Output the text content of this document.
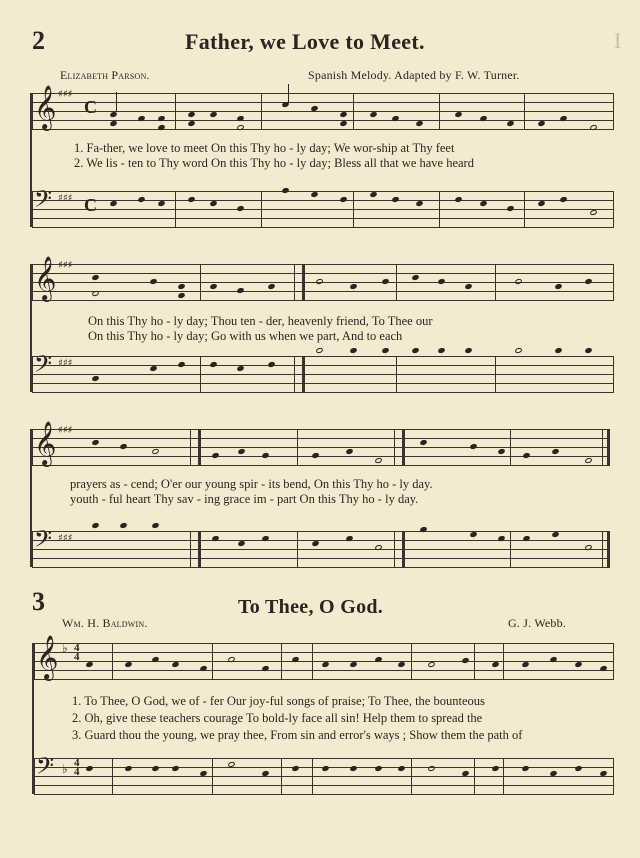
2	Father, we Love to Meet.	I
Elizabeth Parson.	Spanish Melody. Adapted by F. W. Turner.
𝄞 ♯♯♯
C
1. Fa-ther, we love to meet On this Thy ho - ly day; We wor-ship at Thy feet
2. We lis - ten to Thy word On this Thy ho - ly day; Bless all that we have heard
𝄢 ♯♯♯ C
𝄞 ♯♯♯
On this Thy ho - ly day; Thou ten - der, heavenly friend, To Thee our
On this Thy ho - ly day; Go with us when we part, And to each
𝄢 ♯♯♯
𝄞 ♯♯♯
prayers as - cend; O'er our young spir - its bend, On this Thy ho - ly day.
youth - ful heart Thy sav - ing grace im - part On this Thy ho - ly day.
𝄢 ♯♯♯
3	To Thee, O God.
Wm. H. Baldwin.	G. J. Webb.
𝄞 ♭ 4
4
1. To Thee, O God, we of - fer Our joy-ful songs of praise; To Thee, the bounteous
2. Oh, give these teachers courage To bold-ly face all sin! Help them to spread the
3. Guard thou the young, we pray thee, From sin and error's ways ; Show them the path of
𝄢 ♭ 4
4
